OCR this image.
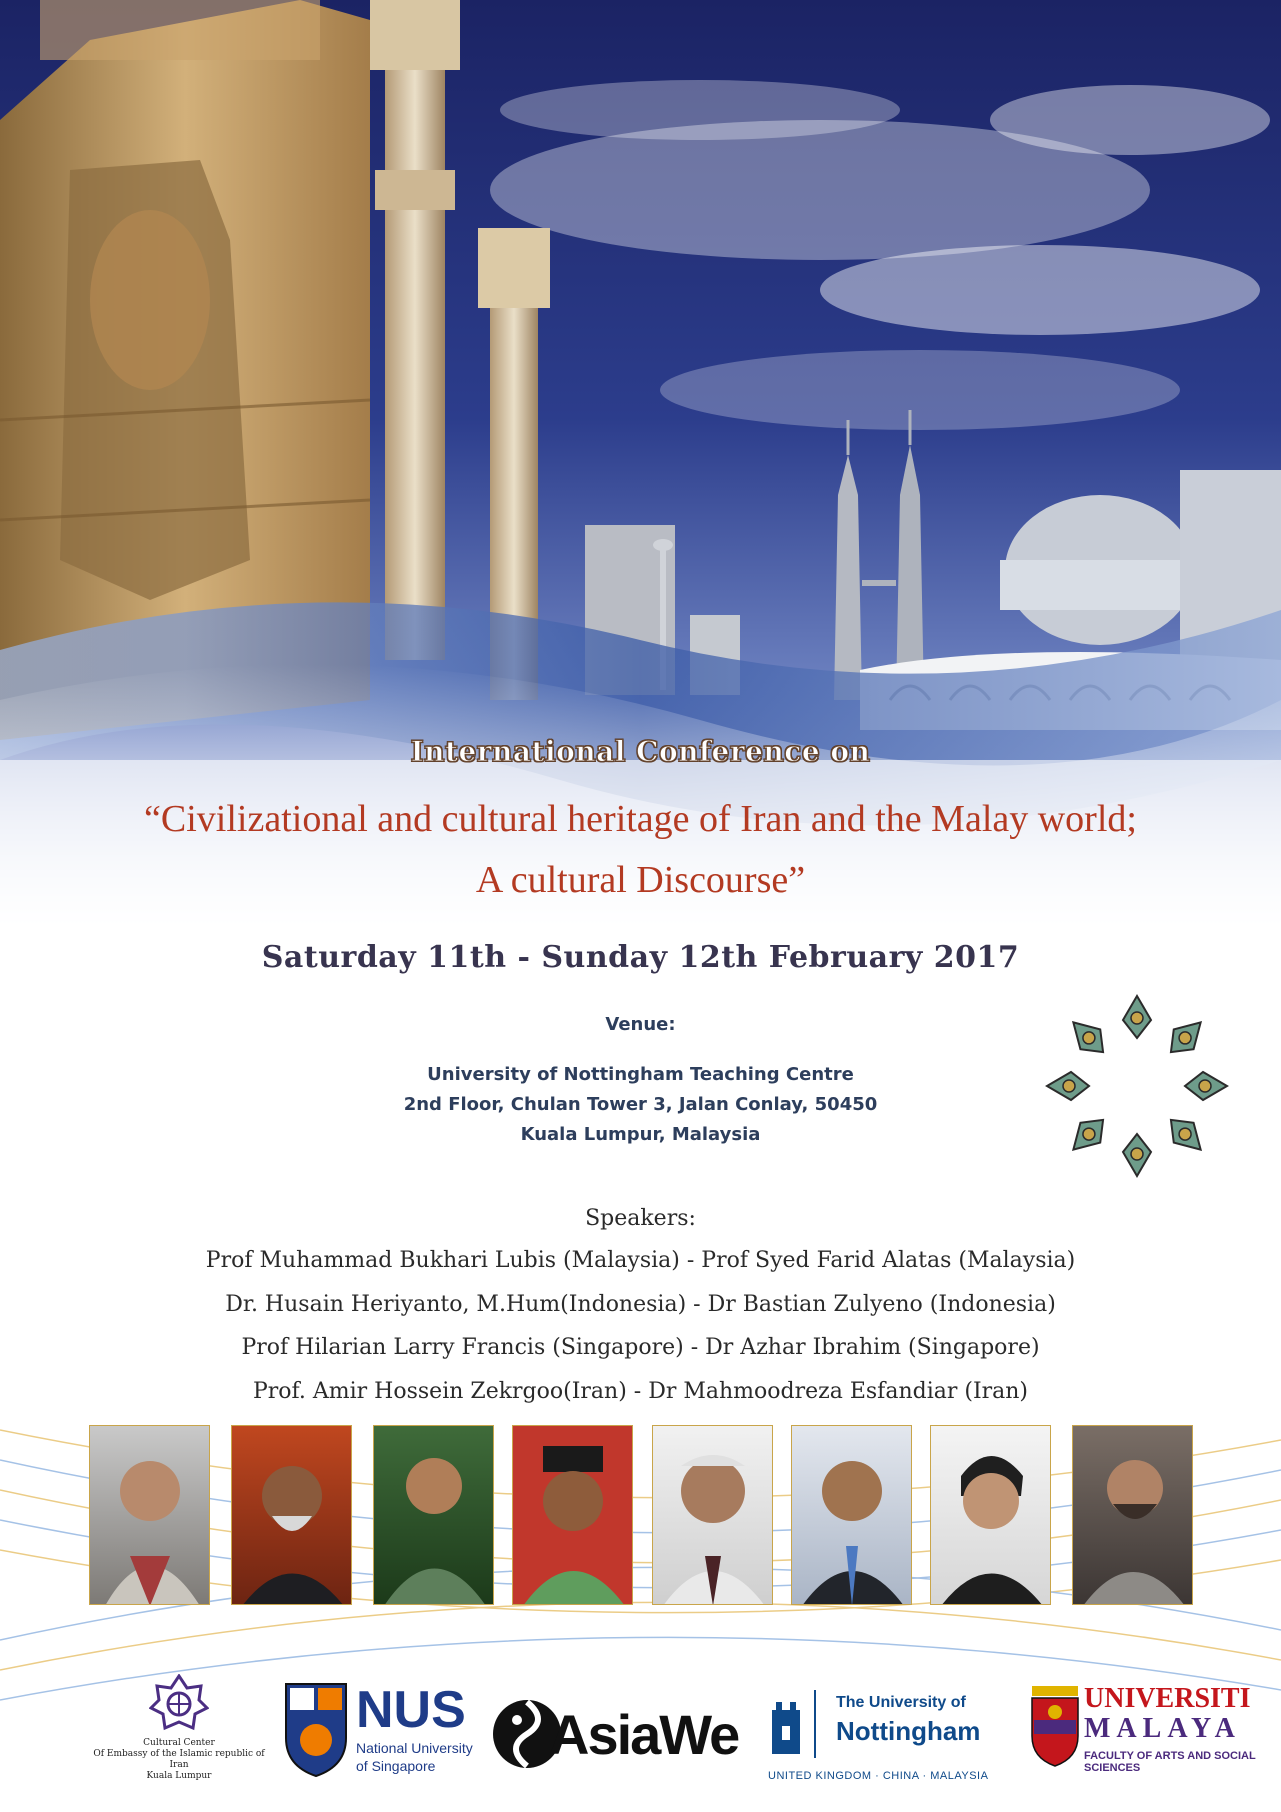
International Conference on
“Civilizational and cultural heritage of Iran and the Malay world;
A cultural Discourse”
Saturday 11th - Sunday 12th February 2017
Venue:
University of Nottingham Teaching Centre
2nd Floor, Chulan Tower 3, Jalan Conlay, 50450
Kuala Lumpur, Malaysia
Speakers:
Prof Muhammad Bukhari Lubis (Malaysia) - Prof Syed Farid Alatas (Malaysia)
Dr. Husain Heriyanto, M.Hum(Indonesia) - Dr Bastian Zulyeno (Indonesia)
Prof Hilarian Larry Francis (Singapore) - Dr Azhar Ibrahim (Singapore)
Prof. Amir Hossein Zekrgoo(Iran) - Dr Mahmoodreza Esfandiar (Iran)
Cultural Center
Of Embassy of the Islamic republic of Iran
Kuala Lumpur
NUS
National University
of Singapore AsiaWe
The University of
Nottingham
UNITED KINGDOM · CHINA · MALAYSIA
UNIVERSITI
MALAYA
FACULTY OF ARTS AND SOCIAL SCIENCES
